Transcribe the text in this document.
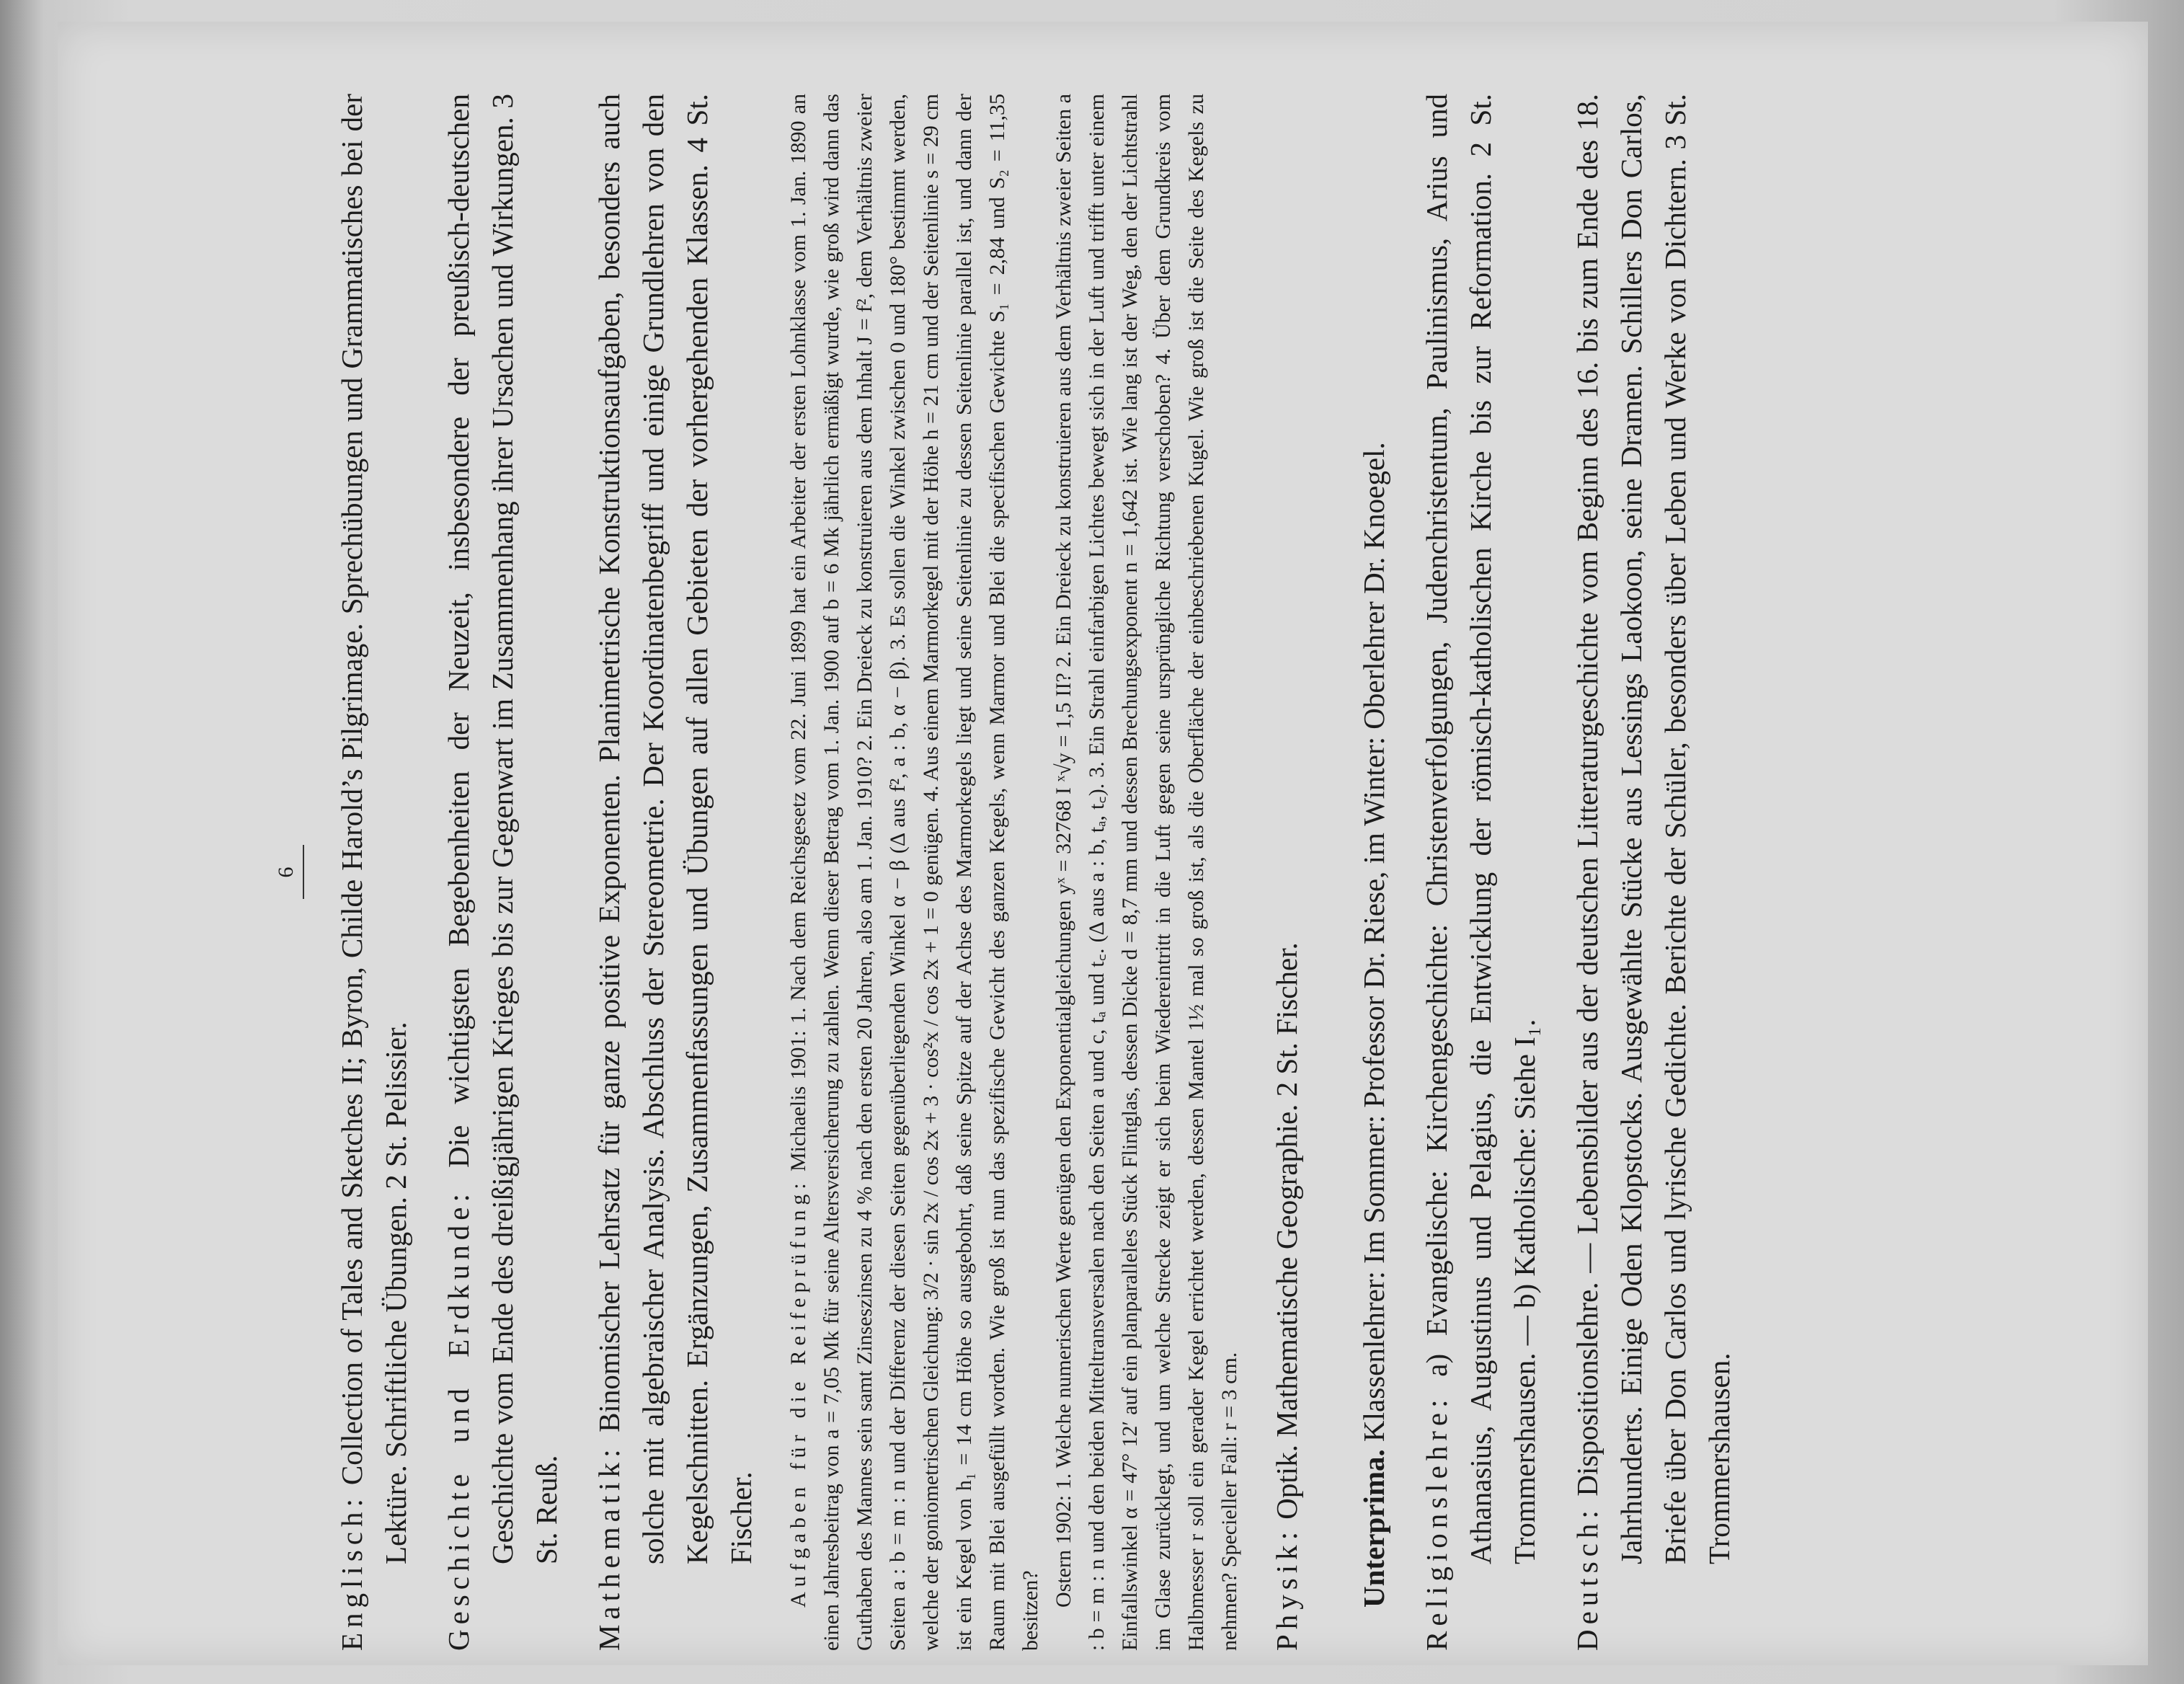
6

Englisch: Collection of Tales and Sketches II; Byron, Childe Harold’s Pilgrimage. Sprechübungen und Grammatisches bei der Lektüre. Schriftliche Übungen. 2 St. Pelissier. Geschichte und Erdkunde: Die wichtigsten Begebenheiten der Neuzeit, insbesondere der preußisch-deutschen Geschichte vom Ende des dreißigjährigen Krieges bis zur Gegenwart im Zusammenhang ihrer Ursachen und Wirkungen. 3 St. Reuß. Mathematik: Binomischer Lehrsatz für ganze positive Exponenten. Planimetrische Konstruktionsaufgaben, besonders auch solche mit algebraischer Analysis. Abschluss der Stereometrie. Der Koordinatenbegriff und einige Grundlehren von den Kegelschnitten. Ergänzungen, Zusammenfassungen und Übungen auf allen Gebieten der vorhergehenden Klassen. 4 St. Fischer. Aufgaben für die Reifeprüfung: Michaelis 1901: 1. Nach dem Reichsgesetz vom 22. Juni 1899 hat ein Arbeiter der ersten Lohnklasse vom 1. Jan. 1890 an einen Jahresbeitrag von a = 7,05 Mk für seine Altersversicherung zu zahlen. Wenn dieser Betrag vom 1. Jan. 1900 auf b = 6 Mk jährlich ermäßigt wurde, wie groß wird dann das Guthaben des Mannes sein samt Zinseszinsen zu 4 % nach den ersten 20 Jahren, also am 1. Jan. 1910? 2. Ein Dreieck zu konstruieren aus dem Inhalt J = f², dem Verhältnis zweier Seiten a : b = m : n und der Differenz der diesen Seiten gegenüberliegenden Winkel α − β (Δ aus f², a : b, α − β). 3. Es sollen die Winkel zwischen 0 und 180° bestimmt werden, welche der goniometrischen Gleichung: 3/2 · sin 2x / cos 2x + 3 · cos²x / cos 2x + 1 = 0 genügen. 4. Aus einem Marmorkegel mit der Höhe h = 21 cm und der Seitenlinie s = 29 cm ist ein Kegel von h₁ = 14 cm Höhe so ausgebohrt, daß seine Spitze auf der Achse des Marmorkegels liegt und seine Seitenlinie zu dessen Seitenlinie parallel ist, und dann der Raum mit Blei ausgefüllt worden. Wie groß ist nun das spezifische Gewicht des ganzen Kegels, wenn Marmor und Blei die specifischen Gewichte S₁ = 2,84 und S₂ = 11,35 besitzen?

Ostern 1902: 1. Welche numerischen Werte genügen den Exponentialgleichungen yˣ = 32768 I ˣ√y = 1,5 II? 2. Ein Dreieck zu konstruieren aus dem Verhältnis zweier Seiten a : b = m : n und den beiden Mitteltransversalen nach den Seiten a und c, tₐ und t꜀. (Δ aus a : b, tₐ, t꜀). 3. Ein Strahl einfarbigen Lichtes bewegt sich in der Luft und trifft unter einem Einfallswinkel α = 47° 12′ auf ein planparalleles Stück Flintglas, dessen Dicke d = 8,7 mm und dessen Brechungsexponent n = 1,642 ist. Wie lang ist der Weg, den der Lichtstrahl im Glase zurücklegt, und um welche Strecke zeigt er sich beim Wiedereintritt in die Luft gegen seine ursprüngliche Richtung verschoben? 4. Über dem Grundkreis vom Halbmesser r soll ein gerader Kegel errichtet werden, dessen Mantel 1½ mal so groß ist, als die Oberfläche der einbeschriebenen Kugel. Wie groß ist die Seite des Kegels zu nehmen? Specieller Fall: r = 3 cm. Physik: Optik. Mathematische Geographie. 2 St. Fischer.

Unterprima. Klassenlehrer: Im Sommer: Professor Dr. Riese, im Winter: Oberlehrer Dr. Knoegel.

Religionslehre: a) Evangelische: Kirchengeschichte: Christenverfolgungen, Judenchristentum, Paulinismus, Arius und Athanasius, Augustinus und Pelagius, die Entwicklung der römisch-katholischen Kirche bis zur Reformation. 2 St. Trommershausen. — b) Katholische: Siehe I₁.

Deutsch: Dispositionslehre. — Lebensbilder aus der deutschen Litteraturgeschichte vom Beginn des 16. bis zum Ende des 18. Jahrhunderts. Einige Oden Klopstocks. Ausgewählte Stücke aus Lessings Laokoon, seine Dramen. Schillers Don Carlos, Briefe über Don Carlos und lyrische Gedichte. Berichte der Schüler, besonders über Leben und Werke von Dichtern. 3 St. Trommershausen.
